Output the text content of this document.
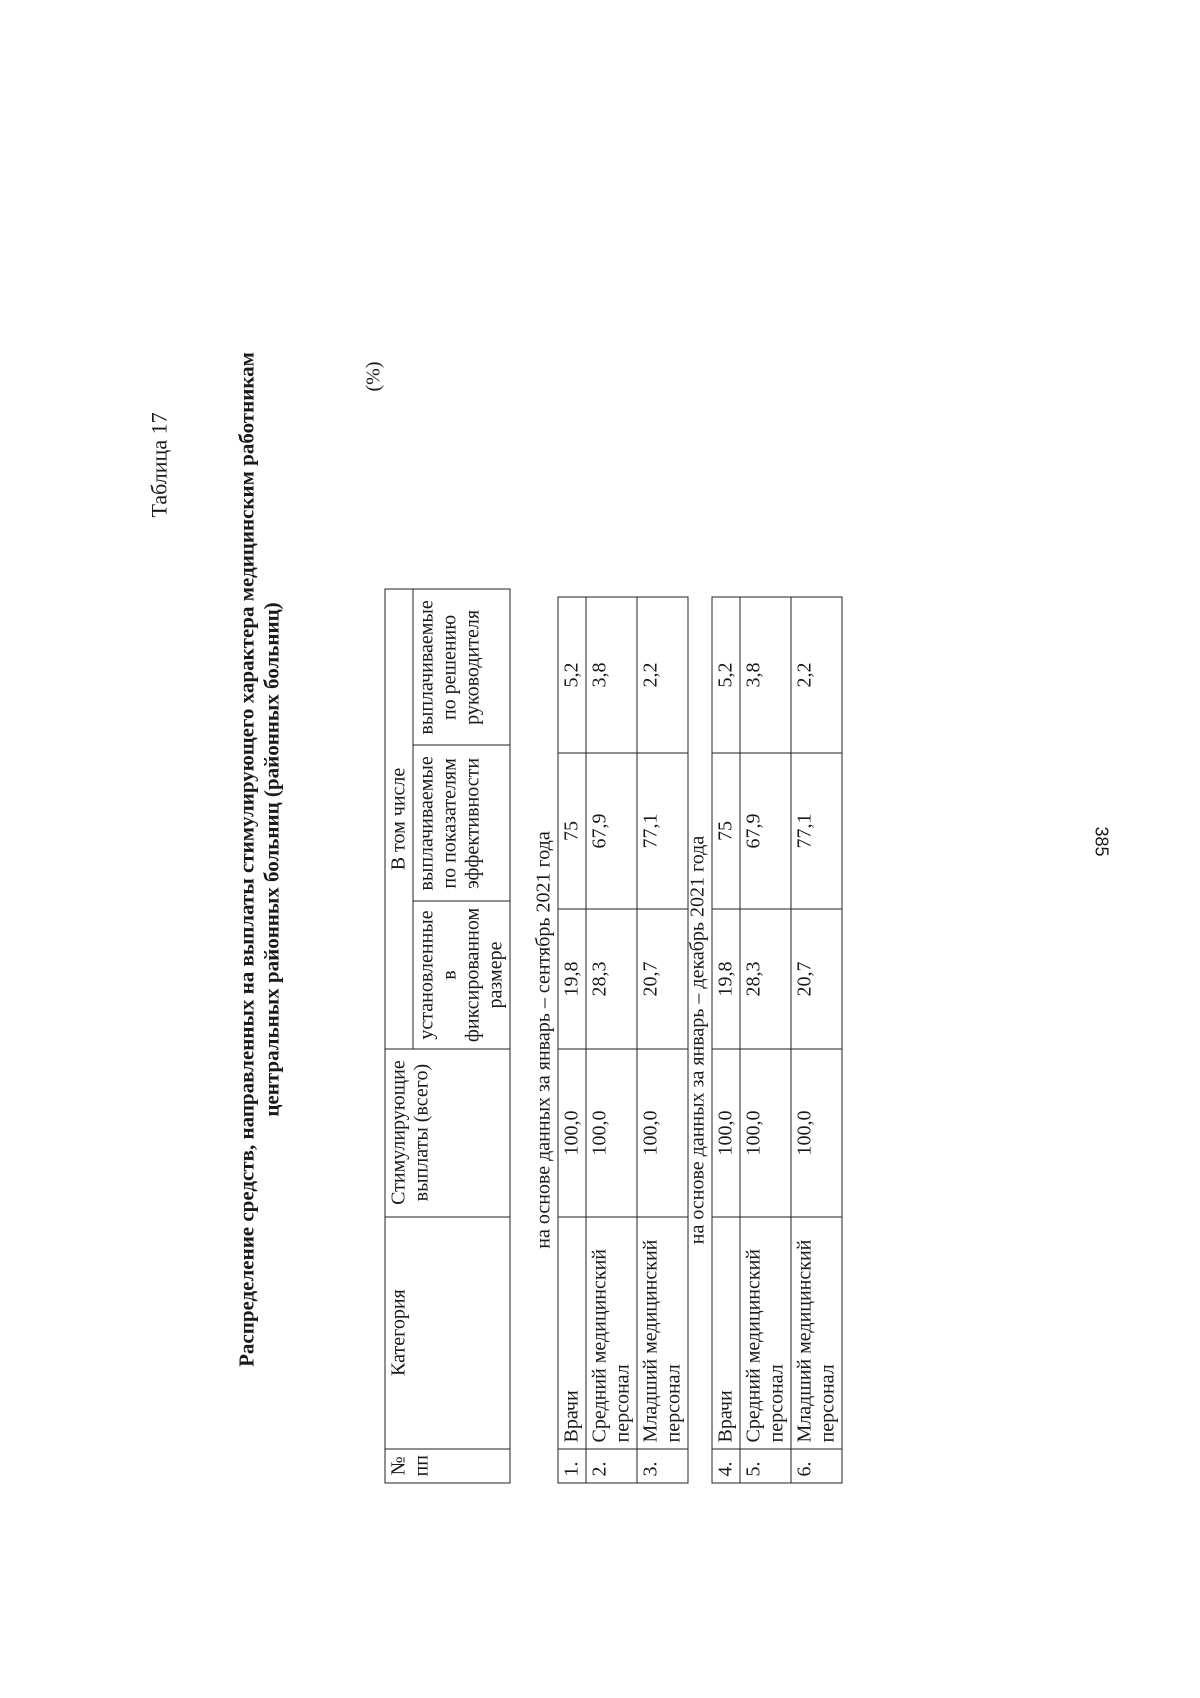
385
Таблица 17	Распределение средств, направленных на выплаты стимулирующего характера медицинским работникам центральных районных больниц (районных больниц)
(%)
№ пп	Категория	Стимулирующие выплаты (всего)	В том числе		
			установленные в фиксированном размере	выплачиваемые по показателям эффективности	выплачиваемые по решению руководителя
на основе данных за январь – сентябрь 2021 года					
1.	Врачи	100,0	19,8	75	5,2
2.	Средний медицинский персонал	100,0	28,3	67,9	3,8
3.	Младший медицинский персонал	100,0	20,7	77,1	2,2
на основе данных за январь – декабрь 2021 года					
4.	Врачи	100,0	19,8	75	5,2
5.	Средний медицинский персонал	100,0	28,3	67,9	3,8
6.	Младший медицинский персонал	100,0	20,7	77,1	2,2
